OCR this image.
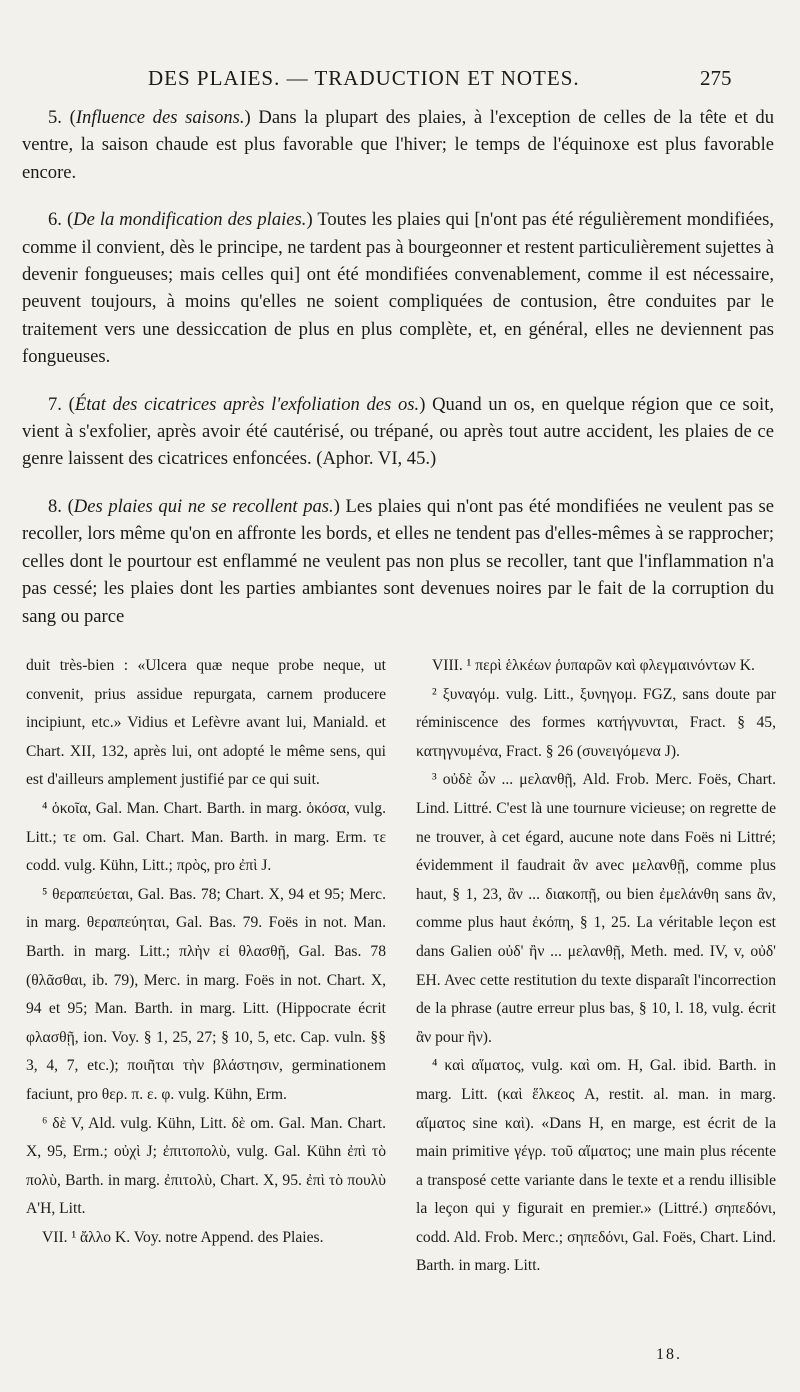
DES PLAIES. — TRADUCTION ET NOTES.	275

5. (Influence des saisons.) Dans la plupart des plaies, à l'exception de celles de la tête et du ventre, la saison chaude est plus favorable que l'hiver; le temps de l'équinoxe est plus favorable encore.

6. (De la mondification des plaies.) Toutes les plaies qui [n'ont pas été régulièrement mondifiées, comme il convient, dès le principe, ne tardent pas à bourgeonner et restent particulièrement sujettes à devenir fongueuses; mais celles qui] ont été mondifiées convenablement, comme il est nécessaire, peuvent toujours, à moins qu'elles ne soient compliquées de contusion, être conduites par le traitement vers une dessiccation de plus en plus complète, et, en général, elles ne deviennent pas fongueuses.

7. (État des cicatrices après l'exfoliation des os.) Quand un os, en quelque région que ce soit, vient à s'exfolier, après avoir été cautérisé, ou trépané, ou après tout autre accident, les plaies de ce genre laissent des cicatrices enfoncées. (Aphor. VI, 45.)

8. (Des plaies qui ne se recollent pas.) Les plaies qui n'ont pas été mondifiées ne veulent pas se recoller, lors même qu'on en affronte les bords, et elles ne tendent pas d'elles-mêmes à se rapprocher; celles dont le pourtour est enflammé ne veulent pas non plus se recoller, tant que l'inflammation n'a pas cessé; les plaies dont les parties ambiantes sont devenues noires par le fait de la corruption du sang ou parce

duit très-bien : «Ulcera quæ neque probe neque, ut convenit, prius assidue repurgata, carnem producere incipiunt, etc.» Vidius et Lefèvre avant lui, Maniald. et Chart. XII, 132, après lui, ont adopté le même sens, qui est d'ailleurs amplement justifié par ce qui suit.

⁴ ὁκοῖα, Gal. Man. Chart. Barth. in marg. ὁκόσα, vulg. Litt.; τε om. Gal. Chart. Man. Barth. in marg. Erm. τε codd. vulg. Kühn, Litt.; πρὸς, pro ἐπὶ J.

⁵ θεραπεύεται, Gal. Bas. 78; Chart. X, 94 et 95; Merc. in marg. θεραπεύηται, Gal. Bas. 79. Foës in not. Man. Barth. in marg. Litt.; πλὴν εἰ θλασθῇ, Gal. Bas. 78 (θλᾶσθαι, ib. 79), Merc. in marg. Foës in not. Chart. X, 94 et 95; Man. Barth. in marg. Litt. (Hippocrate écrit φλασθῇ, ion. Voy. § 1, 25, 27; § 10, 5, etc. Cap. vuln. §§ 3, 4, 7, etc.); ποιῆται τὴν βλάστησιν, germinationem faciunt, pro θερ. π. ε. φ. vulg. Kühn, Erm.

⁶ δὲ V, Ald. vulg. Kühn, Litt. δὲ om. Gal. Man. Chart. X, 95, Erm.; οὐχὶ J; ἐπιτοπολὺ, vulg. Gal. Kühn ἐπὶ τὸ πολὺ, Barth. in marg. ἐπιτολὺ, Chart. X, 95. ἐπὶ τὸ πουλὺ A'H, Litt.

VII. ¹ ἄλλο K. Voy. notre Append. des Plaies.

VIII. ¹ περὶ ἑλκέων ῥυπαρῶν καὶ φλεγμαινόντων K.

² ξυναγόμ. vulg. Litt., ξυνηγομ. FGZ, sans doute par réminiscence des formes κατήγνυνται, Fract. § 45, κατηγνυμένα, Fract. § 26 (συνειγόμενα J).

³ οὐδὲ ὧν ... μελανθῇ, Ald. Frob. Merc. Foës, Chart. Lind. Littré. C'est là une tournure vicieuse; on regrette de ne trouver, à cet égard, aucune note dans Foës ni Littré; évidemment il faudrait ἂν avec μελανθῇ, comme plus haut, § 1, 23, ἂν ... διακοπῇ, ou bien ἐμελάνθη sans ἂν, comme plus haut ἐκόπη, § 1, 25. La véritable leçon est dans Galien οὐδ' ἢν ... μελανθῇ, Meth. med. IV, v, οὐδ' EH. Avec cette restitution du texte disparaît l'incorrection de la phrase (autre erreur plus bas, § 10, l. 18, vulg. écrit ἂν pour ἢν).

⁴ καὶ αἵματος, vulg. καὶ om. H, Gal. ibid. Barth. in marg. Litt. (καὶ ἕλκεος A, restit. al. man. in marg. αἵματος sine καὶ). «Dans H, en marge, est écrit de la main primitive γέγρ. τοῦ αἵματος; une main plus récente a transposé cette variante dans le texte et a rendu illisible la leçon qui y figurait en premier.» (Littré.) σηπεδόνι, codd. Ald. Frob. Merc.; σηπεδόνι, Gal. Foës, Chart. Lind. Barth. in marg. Litt.

18.
